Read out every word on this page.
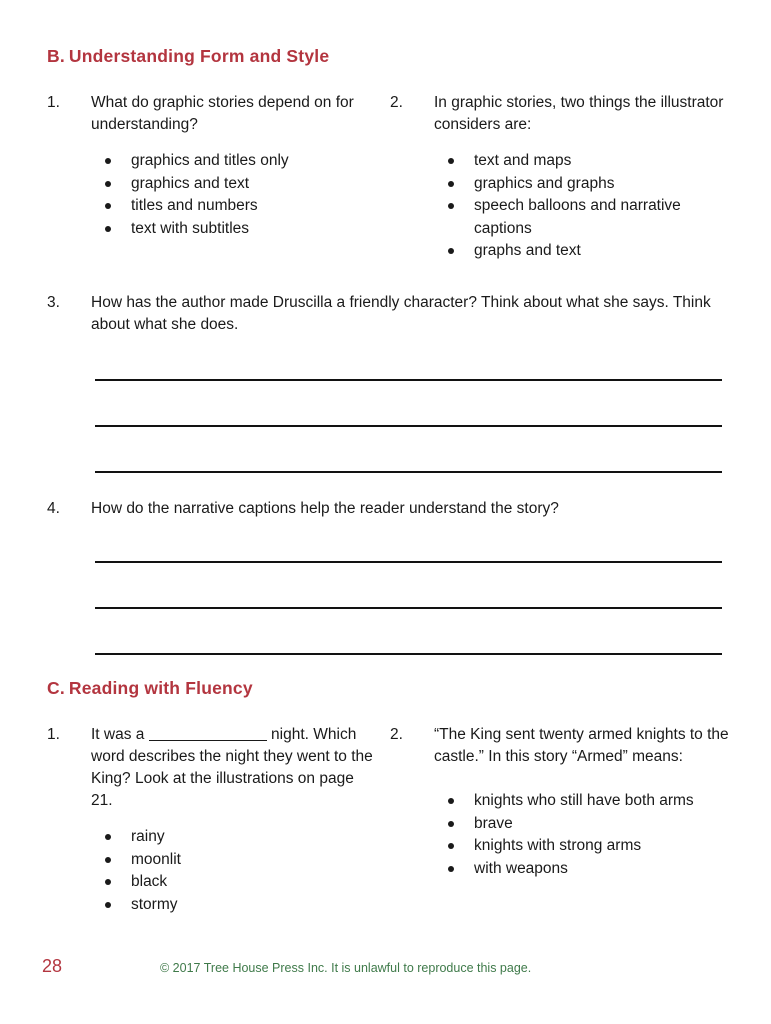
B. Understanding Form and Style
1.	What do graphic stories depend on for understanding?

graphics and titles only
graphics and text
titles and numbers
text with subtitles
2.	In graphic stories, two things the illustrator considers are:

text and maps
graphics and graphs
speech balloons and narrative captions
graphs and text
3.	How has the author made Druscilla a friendly character? Think about what she says. Think about what she does.

4.	How do the narrative captions help the reader understand the story?

C. Reading with Fluency
1.	It was a	night. Which word describes the night they went to the King? Look at the illustrations on page 21.

rainy
moonlit
black
stormy
2.	“The King sent twenty armed knights to the castle.” In this story “Armed” means:

knights who still have both arms
brave
knights with strong arms
with weapons
28	© 2017 Tree House Press Inc. It is unlawful to reproduce this page.
